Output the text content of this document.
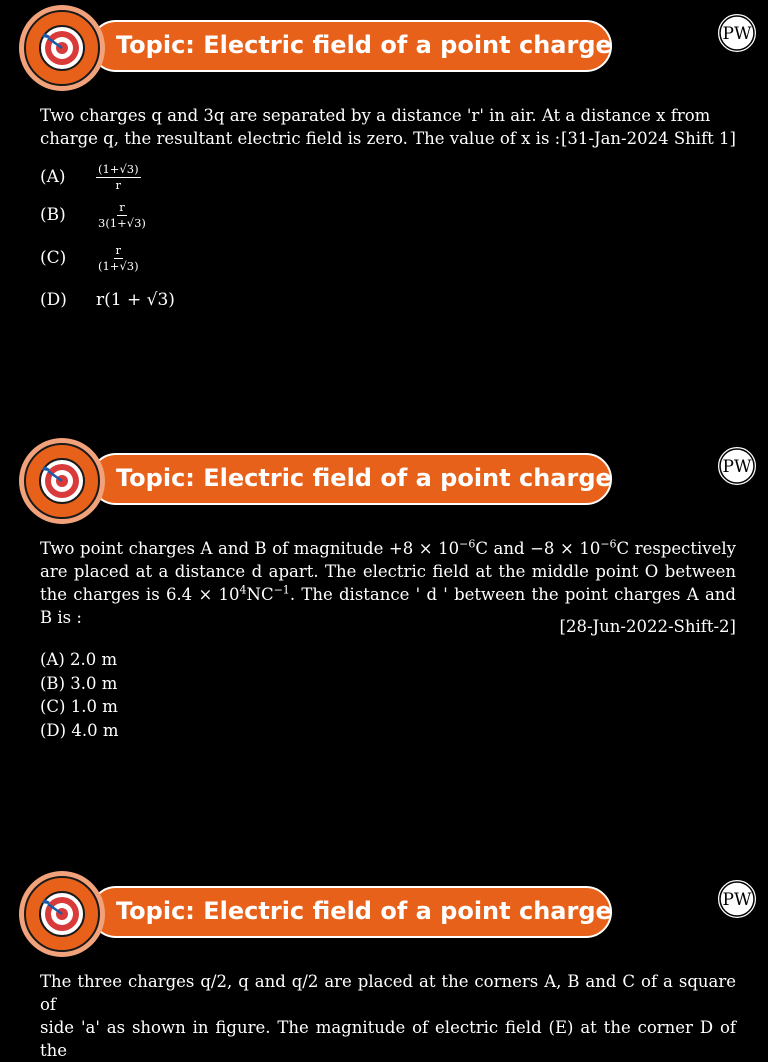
Topic: Electric field of a point charge	PW
Two charges q and 3q are separated by a distance 'r' in air. At a distance x from
charge q, the resultant electric field is zero. The value of x is : [31-Jan-2024 Shift 1]
(A)	$\frac{(1+√3)}{r}$
(B)	$\frac{r}{3(1+√3)}$
(C)	$\frac{r}{(1+√3)}$
(D) r(1 + √3)
Topic: Electric field of a point charge	PW
Two point charges A and B of magnitude $+8 \times 10^{-6}C$ and $-8 \times 10^{-6}C$ respectively are placed at a distance d apart. The electric field at the middle point O between the charges is $6.4 \times 10^4NC^{-1}$. The distance ' d ' between the point charges A and B is :	[28-Jun-2022-Shift-2]
(A) 2.0 m
(B) 3.0 m
(C) 1.0 m
(D) 4.0 m
Topic: Electric field of a point charge	PW
The three charges q/2, q and q/2 are placed at the corners A, B and C of a square of
side 'a' as shown in figure. The magnitude of electric field (E) at the corner D of the
